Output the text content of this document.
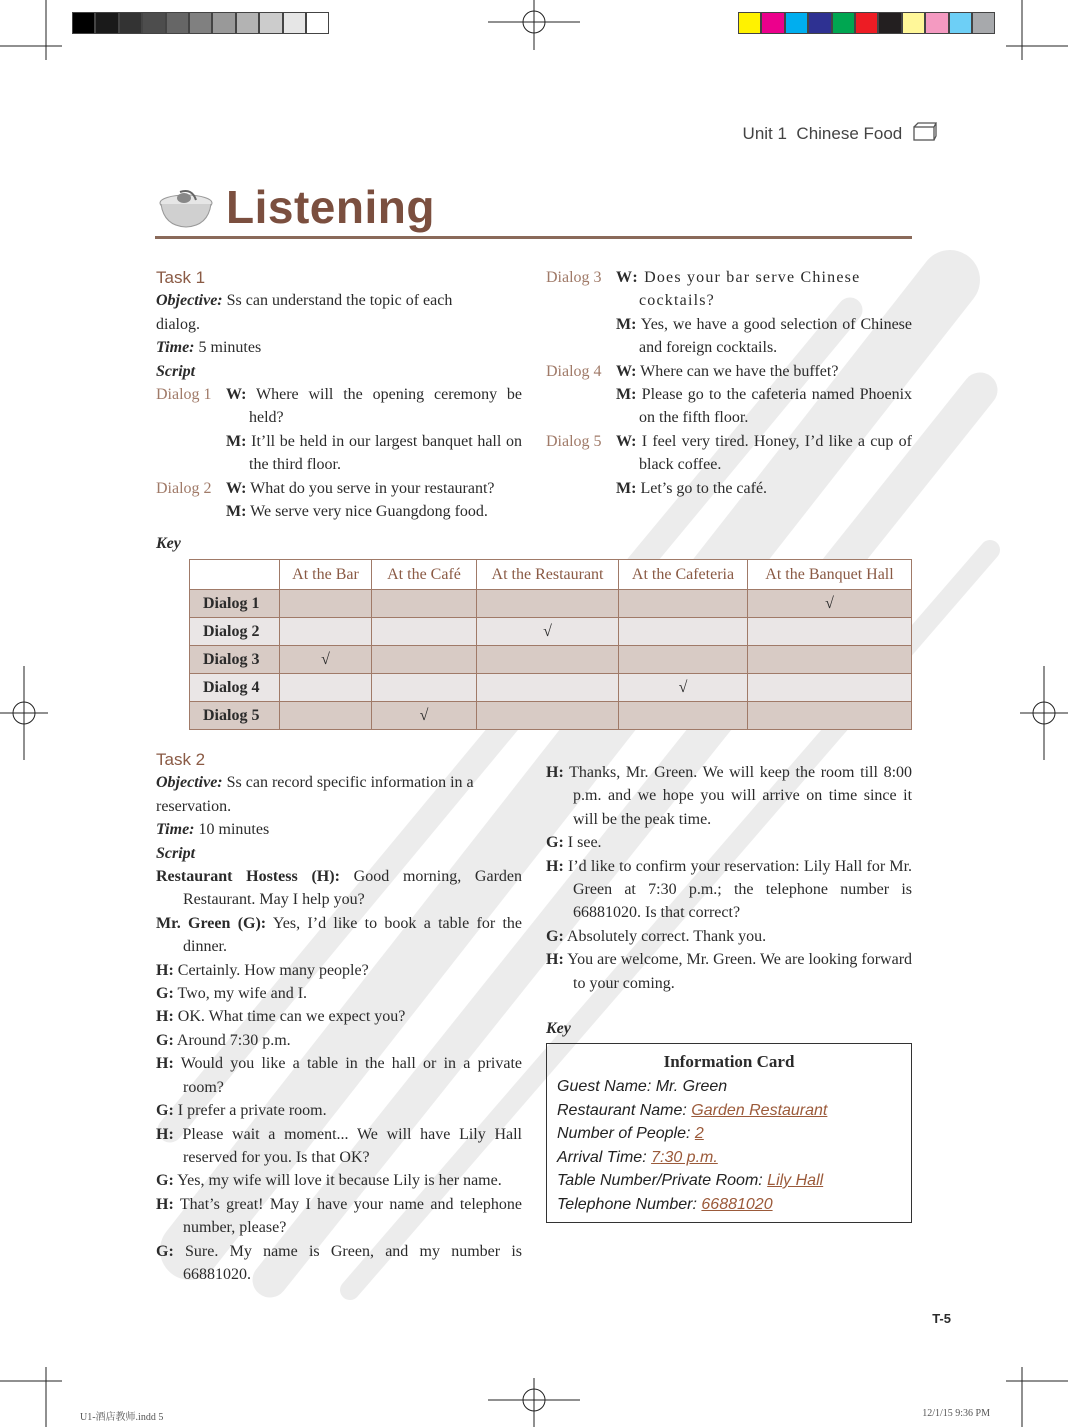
Unit 1 Chinese Food
Listening
Task 1
Objective: Ss can understand the topic of each
dialog.
Time: 5 minutes
Script
Dialog 1 W: Where will the opening ceremony be held?
M: It’ll be held in our largest banquet hall on the third floor.
Dialog 2 W: What do you serve in your restaurant?
M: We serve very nice Guangdong food.
Dialog 3 W: Does your bar serve Chinese cocktails?
M: Yes, we have a good selection of Chinese and foreign cocktails.
Dialog 4 W: Where can we have the buffet?
M: Please go to the cafeteria named Phoenix on the fifth floor.
Dialog 5 W: I feel very tired. Honey, I’d like a cup of black coffee.
M: Let’s go to the café.
Key
	At the Bar	At the Café	At the Restaurant	At the Cafeteria	At the Banquet Hall
Dialog 1					√
Dialog 2			√		
Dialog 3	√				
Dialog 4				√	
Dialog 5		√			
Task 2
Objective: Ss can record specific information in a
reservation.
Time: 10 minutes
Script
Restaurant Hostess (H): Good morning, Garden Restaurant. May I help you?
Mr. Green (G): Yes, I’d like to book a table for the dinner.
H: Certainly. How many people?
G: Two, my wife and I.
H: OK. What time can we expect you?
G: Around 7:30 p.m.
H: Would you like a table in the hall or in a private room?
G: I prefer a private room.
H: Please wait a moment... We will have Lily Hall reserved for you. Is that OK?
G: Yes, my wife will love it because Lily is her name.
H: That’s great! May I have your name and telephone number, please?
G: Sure. My name is Green, and my number is 66881020.
H: Thanks, Mr. Green. We will keep the room till 8:00 p.m. and we hope you will arrive on time since it will be the peak time.
G: I see.
H: I’d like to confirm your reservation: Lily Hall for Mr. Green at 7:30 p.m.; the telephone number is 66881020. Is that correct?
G: Absolutely correct. Thank you.
H: You are welcome, Mr. Green. We are looking forward to your coming.
Key
Information Card
Guest Name: Mr. Green
Restaurant Name: Garden Restaurant
Number of People: 2
Arrival Time: 7:30 p.m.
Table Number/Private Room: Lily Hall
Telephone Number: 66881020
T-5
U1-酒店教师.indd 5	12/1/15 9:36 PM
